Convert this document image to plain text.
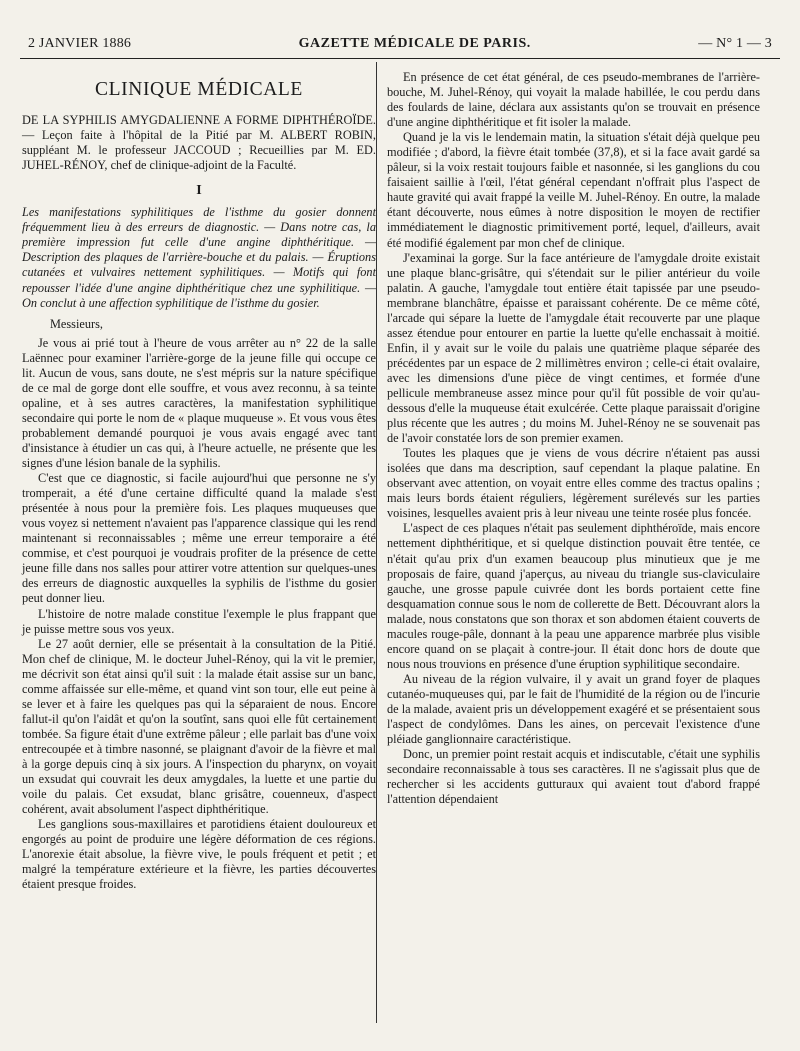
2 JANVIER 1886	GAZETTE MÉDICALE DE PARIS.	— N° 1 — 3
CLINIQUE MÉDICALE

DE LA SYPHILIS AMYGDALIENNE A FORME DIPHTHÉROÏDE. — Leçon faite à l'hôpital de la Pitié par M. ALBERT ROBIN, suppléant M. le professeur JACCOUD ; Recueillies par M. ED. JUHEL-RÉNOY, chef de clinique-adjoint de la Faculté.

I

Les manifestations syphilitiques de l'isthme du gosier donnent fréquemment lieu à des erreurs de diagnostic. — Dans notre cas, la première impression fut celle d'une angine diphthéritique. — Description des plaques de l'arrière-bouche et du palais. — Éruptions cutanées et vulvaires nettement syphilitiques. — Motifs qui font repousser l'idée d'une angine diphthéritique chez une syphilitique. — On conclut à une affection syphilitique de l'isthme du gosier.

Messieurs,

Je vous ai prié tout à l'heure de vous arrêter au n° 22 de la salle Laënnec pour examiner l'arrière-gorge de la jeune fille qui occupe ce lit. Aucun de vous, sans doute, ne s'est mépris sur la nature spécifique de ce mal de gorge dont elle souffre, et vous avez reconnu, à sa teinte opaline, et à ses autres caractères, la manifestation syphilitique secondaire qui porte le nom de « plaque muqueuse ». Et vous vous êtes probablement demandé pourquoi je vous avais engagé avec tant d'insistance à étudier un cas qui, à l'heure actuelle, ne présente que les signes d'une lésion banale de la syphilis.

C'est que ce diagnostic, si facile aujourd'hui que personne ne s'y tromperait, a été d'une certaine difficulté quand la malade s'est présentée à nous pour la première fois. Les plaques muqueuses que vous voyez si nettement n'avaient pas l'apparence classique qui les rend maintenant si reconnaissables ; même une erreur temporaire a été commise, et c'est pourquoi je voudrais profiter de la présence de cette jeune fille dans nos salles pour attirer votre attention sur quelques-unes des erreurs de diagnostic auxquelles la syphilis de l'isthme du gosier peut donner lieu.

L'histoire de notre malade constitue l'exemple le plus frappant que je puisse mettre sous vos yeux.

Le 27 août dernier, elle se présentait à la consultation de la Pitié. Mon chef de clinique, M. le docteur Juhel-Rénoy, qui la vit le premier, me décrivit son état ainsi qu'il suit : la malade était assise sur un banc, comme affaissée sur elle-même, et quand vint son tour, elle eut peine à se lever et à faire les quelques pas qui la séparaient de nous. Encore fallut-il qu'on l'aidât et qu'on la soutînt, sans quoi elle fût certainement tombée. Sa figure était d'une extrême pâleur ; elle parlait bas d'une voix entrecoupée et à timbre nasonné, se plaignant d'avoir de la fièvre et mal à la gorge depuis cinq à six jours. A l'inspection du pharynx, on voyait un exsudat qui couvrait les deux amygdales, la luette et une partie du voile du palais. Cet exsudat, blanc grisâtre, couenneux, d'aspect cohérent, avait absolument l'aspect diphthéritique.

Les ganglions sous-maxillaires et parotidiens étaient douloureux et engorgés au point de produire une légère déformation de ces régions. L'anorexie était absolue, la fièvre vive, le pouls fréquent et petit ; et malgré la température extérieure et la fièvre, les parties découvertes étaient presque froides.

En présence de cet état général, de ces pseudo-membranes de l'arrière-bouche, M. Juhel-Rénoy, qui voyait la malade habillée, le cou perdu dans des foulards de laine, déclara aux assistants qu'on se trouvait en présence d'une angine diphthéritique et fit isoler la malade.

Quand je la vis le lendemain matin, la situation s'était déjà quelque peu modifiée ; d'abord, la fièvre était tombée (37,8), et si la face avait gardé sa pâleur, si la voix restait toujours faible et nasonnée, si les ganglions du cou faisaient saillie à l'œil, l'état général cependant n'offrait plus l'aspect de haute gravité qui avait frappé la veille M. Juhel-Rénoy. En outre, la malade étant découverte, nous eûmes à notre disposition le moyen de rectifier immédiatement le diagnostic primitivement porté, lequel, d'ailleurs, avait été modifié également par mon chef de clinique.

J'examinai la gorge. Sur la face antérieure de l'amygdale droite existait une plaque blanc-grisâtre, qui s'étendait sur le pilier antérieur du voile palatin. A gauche, l'amygdale tout entière était tapissée par une pseudo-membrane blanchâtre, épaisse et paraissant cohérente. De ce même côté, l'arcade qui sépare la luette de l'amygdale était recouverte par une plaque assez étendue pour entourer en partie la luette qu'elle enchassait à moitié. Enfin, il y avait sur le voile du palais une quatrième plaque séparée des précédentes par un espace de 2 millimètres environ ; celle-ci était ovalaire, avec les dimensions d'une pièce de vingt centimes, et formée d'une pellicule membraneuse assez mince pour qu'il fût possible de voir qu'au-dessous d'elle la muqueuse était exulcérée. Cette plaque paraissait d'origine plus récente que les autres ; du moins M. Juhel-Rénoy ne se souvenait pas de l'avoir constatée lors de son premier examen.

Toutes les plaques que je viens de vous décrire n'étaient pas aussi isolées que dans ma description, sauf cependant la plaque palatine. En observant avec attention, on voyait entre elles comme des tractus opalins ; mais leurs bords étaient réguliers, légèrement surélevés sur les parties voisines, lesquelles avaient pris à leur niveau une teinte rosée plus foncée.

L'aspect de ces plaques n'était pas seulement diphthéroïde, mais encore nettement diphthéritique, et si quelque distinction pouvait être tentée, ce n'était qu'au prix d'un examen beaucoup plus minutieux que je me proposais de faire, quand j'aperçus, au niveau du triangle sus-claviculaire gauche, une grosse papule cuivrée dont les bords portaient cette fine desquamation connue sous le nom de collerette de Bett. Découvrant alors la malade, nous constatons que son thorax et son abdomen étaient couverts de macules rouge-pâle, donnant à la peau une apparence marbrée plus visible encore quand on se plaçait à contre-jour. Il était donc hors de doute que nous nous trouvions en présence d'une éruption syphilitique secondaire.

Au niveau de la région vulvaire, il y avait un grand foyer de plaques cutanéo-muqueuses qui, par le fait de l'humidité de la région ou de l'incurie de la malade, avaient pris un développement exagéré et se présentaient sous l'aspect de condylômes. Dans les aines, on percevait l'existence d'une pléiade ganglionnaire caractéristique.

Donc, un premier point restait acquis et indiscutable, c'était une syphilis secondaire reconnaissable à tous ses caractères. Il ne s'agissait plus que de rechercher si les accidents gutturaux qui avaient tout d'abord frappé l'attention dépendaient
